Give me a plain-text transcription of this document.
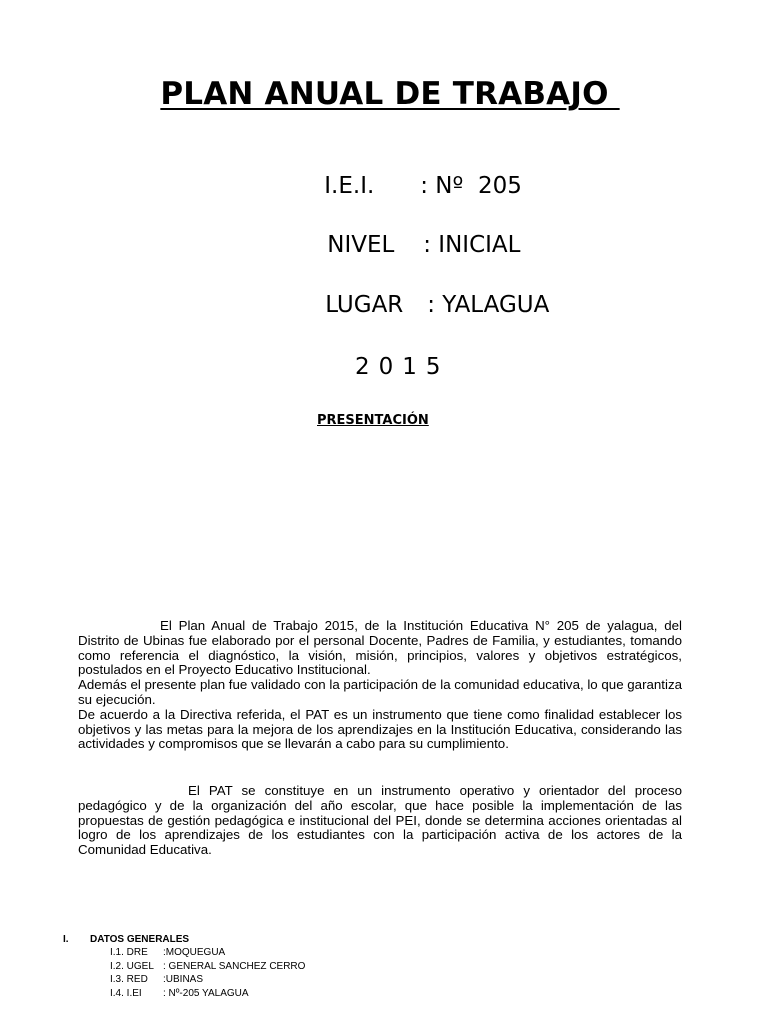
PLAN ANUAL DE TRABAJO

I.E.I. : Nº  205

NIVEL : INICIAL

LUGAR : YALAGUA

2015
PRESENTACIÓN

El Plan Anual de Trabajo 2015, de la Institución Educativa N° 205 de yalagua, del Distrito de Ubinas fue elaborado por el personal Docente, Padres de Familia, y estudiantes, tomando como referencia el diagnóstico, la visión, misión, principios, valores y objetivos estratégicos, postulados en el Proyecto Educativo Institucional.

Además el presente plan fue validado con la participación de la comunidad educativa, lo que garantiza su ejecución.

De acuerdo a la Directiva referida, el PAT es un instrumento que tiene como finalidad establecer los objetivos y las metas para la mejora de los aprendizajes en la Institución Educativa, considerando las actividades y compromisos que se llevarán a cabo para su cumplimiento.

El PAT se constituye en un instrumento operativo y orientador del proceso pedagógico y de la organización del año escolar, que hace posible la implementación de las propuestas de gestión pedagógica e institucional del PEI, donde se determina acciones orientadas al logro de los aprendizajes de los estudiantes con la participación activa de los actores de la Comunidad Educativa.

I. DATOS GENERALES
I.1. DRE :MOQUEGUA
I.2. UGEL : GENERAL SANCHEZ CERRO
I.3. RED :UBINAS
I.4. I.EI : Nº-205 YALAGUA
